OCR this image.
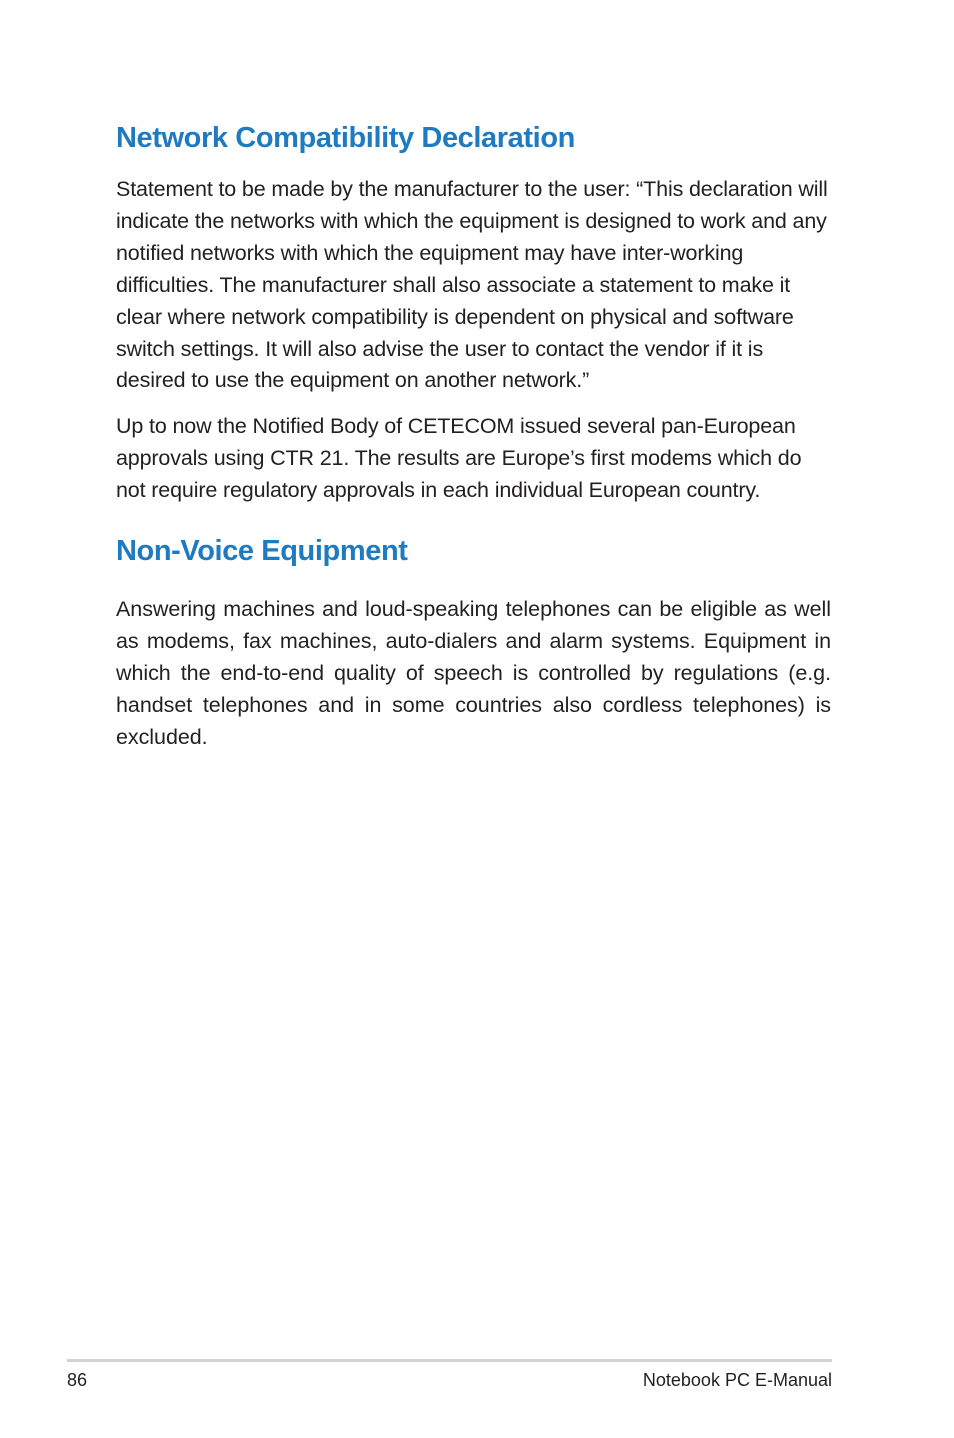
Network Compatibility Declaration

Statement to be made by the manufacturer to the user: “This declaration will indicate the networks with which the equipment is designed to work and any notified networks with which the equipment may have inter-working difficulties. The manufacturer shall also associate a statement to make it clear where network compatibility is dependent on physical and software switch settings. It will also advise the user to contact the vendor if it is desired to use the equipment on another network.”

Up to now the Notified Body of CETECOM issued several pan-European approvals using CTR 21. The results are Europe’s first modems which do not require regulatory approvals in each individual European country.

Non-Voice Equipment

Answering machines and loud-speaking telephones can be eligible as well as modems, fax machines, auto-dialers and alarm systems. Equipment in which the end-to-end quality of speech is controlled by regulations (e.g. handset telephones and in some countries also cordless telephones) is excluded.

86	Notebook PC E-Manual
